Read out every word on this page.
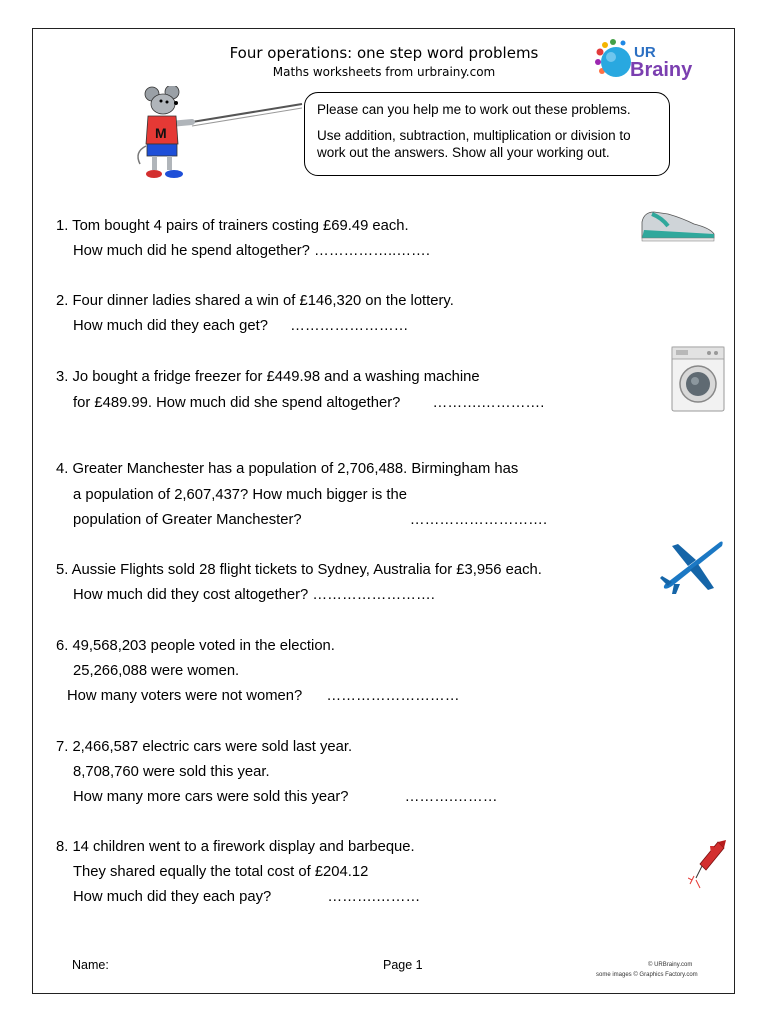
Four operations: one step word problems
Maths worksheets from urbrainy.com
UR
Brainy
M

Please can you help me to work out these problems.

Use addition, subtraction, multiplication or division to work out the answers. Show all your working out.

1. Tom bought 4 pairs of trainers costing £69.49 each.
How much did he spend altogether? ……………..…….
2. Four dinner ladies shared a win of £146,320 on the lottery.
How much did they each get? ……………………
3. Jo bought a fridge freezer for £449.98 and a washing machine
for £489.99. How much did she spend altogether? ……….………….
4. Greater Manchester has a population of 2,706,488. Birmingham has
a population of 2,607,437? How much bigger is the
population of Greater Manchester?	……………………….
5. Aussie Flights sold 28 flight tickets to Sydney, Australia for £3,956 each.
How much did they cost altogether? …………………….
6. 49,568,203 people voted in the election.
25,266,088 were women.
How many voters were not women? ………………………
7. 2,466,587 electric cars were sold last year.
8,708,760 were sold this year.
How many more cars were sold this year?	……….………
8. 14 children went to a firework display and barbeque.
They shared equally the total cost of £204.12
How much did they each pay?	……….………
Name:	Page 1	© URBrainy.com
some images © Graphics Factory.com
